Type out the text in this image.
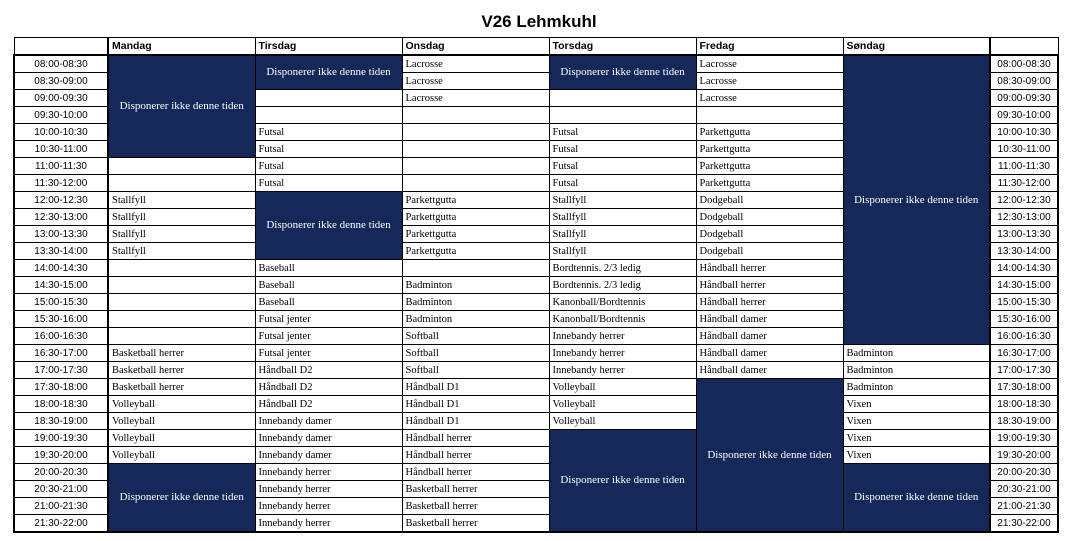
V26 Lehmkuhl
	Mandag	Tirsdag	Onsdag	Torsdag	Fredag	Søndag	
08:00-08:30	Disponerer ikke denne tiden	Disponerer ikke denne tiden	Lacrosse	Disponerer ikke denne tiden	Lacrosse	Disponerer ikke denne tiden	08:00-08:30
08:30-09:00			Lacrosse		Lacrosse		08:30-09:00
09:00-09:30			Lacrosse		Lacrosse		09:00-09:30
09:30-10:00							09:30-10:00
10:00-10:30		Futsal		Futsal	Parkettgutta		10:00-10:30
10:30-11:00		Futsal		Futsal	Parkettgutta		10:30-11:00
11:00-11:30		Futsal		Futsal	Parkettgutta		11:00-11:30
11:30-12:00		Futsal		Futsal	Parkettgutta		11:30-12:00
12:00-12:30	Stallfyll	Disponerer ikke denne tiden	Parkettgutta	Stallfyll	Dodgeball		12:00-12:30
12:30-13:00	Stallfyll		Parkettgutta	Stallfyll	Dodgeball		12:30-13:00
13:00-13:30	Stallfyll		Parkettgutta	Stallfyll	Dodgeball		13:00-13:30
13:30-14:00	Stallfyll		Parkettgutta	Stallfyll	Dodgeball		13:30-14:00
14:00-14:30		Baseball		Bordtennis. 2/3 ledig	Håndball herrer		14:00-14:30
14:30-15:00		Baseball	Badminton	Bordtennis. 2/3 ledig	Håndball herrer		14:30-15:00
15:00-15:30		Baseball	Badminton	Kanonball/Bordtennis	Håndball herrer		15:00-15:30
15:30-16:00		Futsal jenter	Badminton	Kanonball/Bordtennis	Håndball damer		15:30-16:00
16:00-16:30		Futsal jenter	Softball	Innebandy herrer	Håndball damer		16:00-16:30
16:30-17:00	Basketball herrer	Futsal jenter	Softball	Innebandy herrer	Håndball damer	Badminton	16:30-17:00
17:00-17:30	Basketball herrer	Håndball D2	Softball	Innebandy herrer	Håndball damer	Badminton	17:00-17:30
17:30-18:00	Basketball herrer	Håndball D2	Håndball D1	Volleyball	Disponerer ikke denne tiden	Badminton	17:30-18:00
18:00-18:30	Volleyball	Håndball D2	Håndball D1	Volleyball		Vixen	18:00-18:30
18:30-19:00	Volleyball	Innebandy damer	Håndball D1	Volleyball		Vixen	18:30-19:00
19:00-19:30	Volleyball	Innebandy damer	Håndball herrer	Disponerer ikke denne tiden		Vixen	19:00-19:30
19:30-20:00	Volleyball	Innebandy damer	Håndball herrer			Vixen	19:30-20:00
20:00-20:30	Disponerer ikke denne tiden	Innebandy herrer	Håndball herrer			Disponerer ikke denne tiden	20:00-20:30
20:30-21:00		Innebandy herrer	Basketball herrer				20:30-21:00
21:00-21:30		Innebandy herrer	Basketball herrer				21:00-21:30
21:30-22:00		Innebandy herrer	Basketball herrer				21:30-22:00
